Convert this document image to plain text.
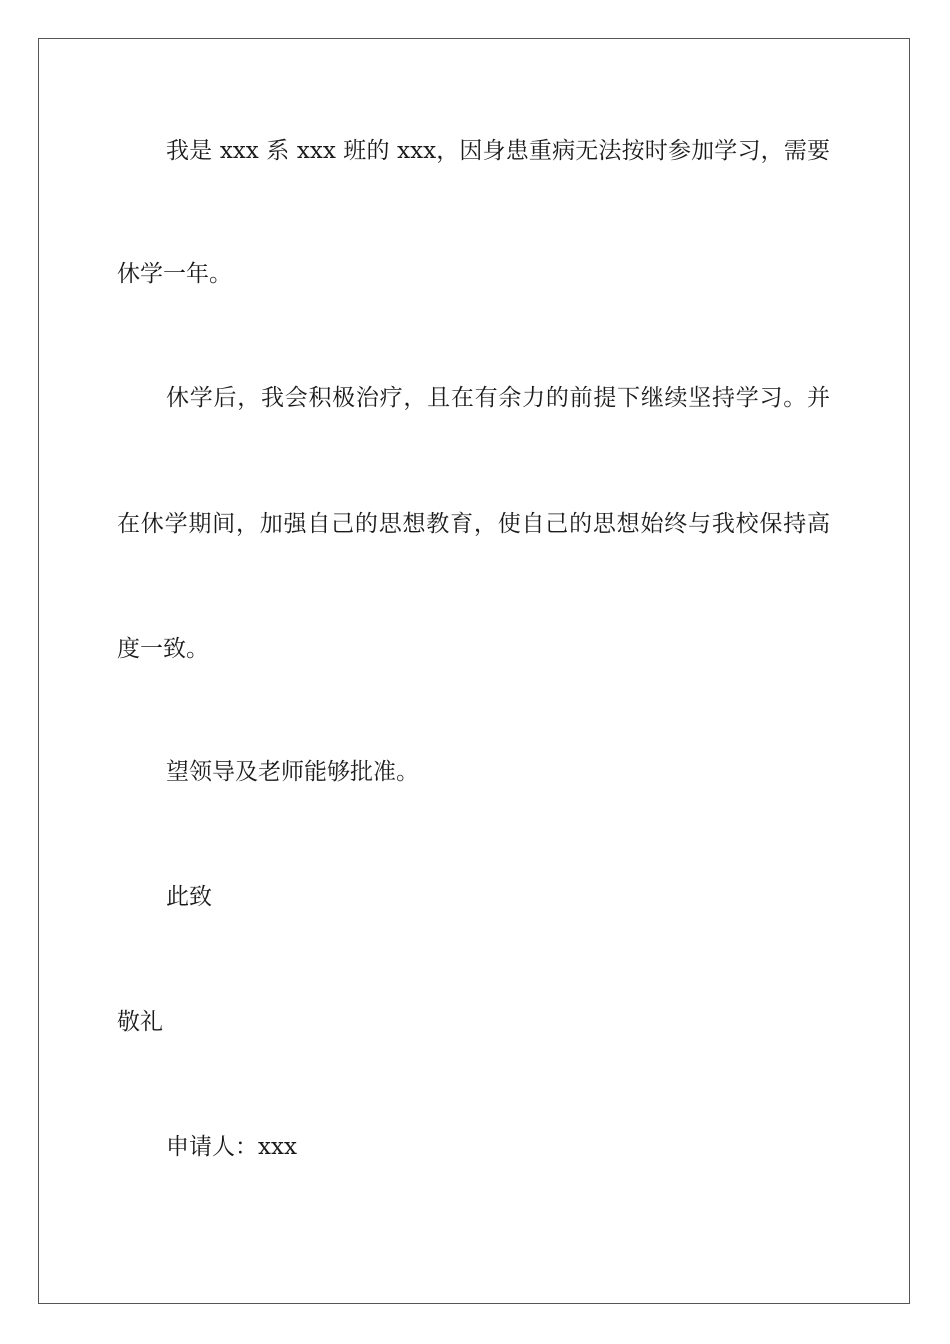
我是 xxx 系 xxx 班的 xxx，因身患重病无法按时参加学习，需要

休学一年。

休学后，我会积极治疗，且在有余力的前提下继续坚持学习。并

在休学期间，加强自己的思想教育，使自己的思想始终与我校保持高

度一致。

望领导及老师能够批准。

此致

敬礼

申请人：xxx
